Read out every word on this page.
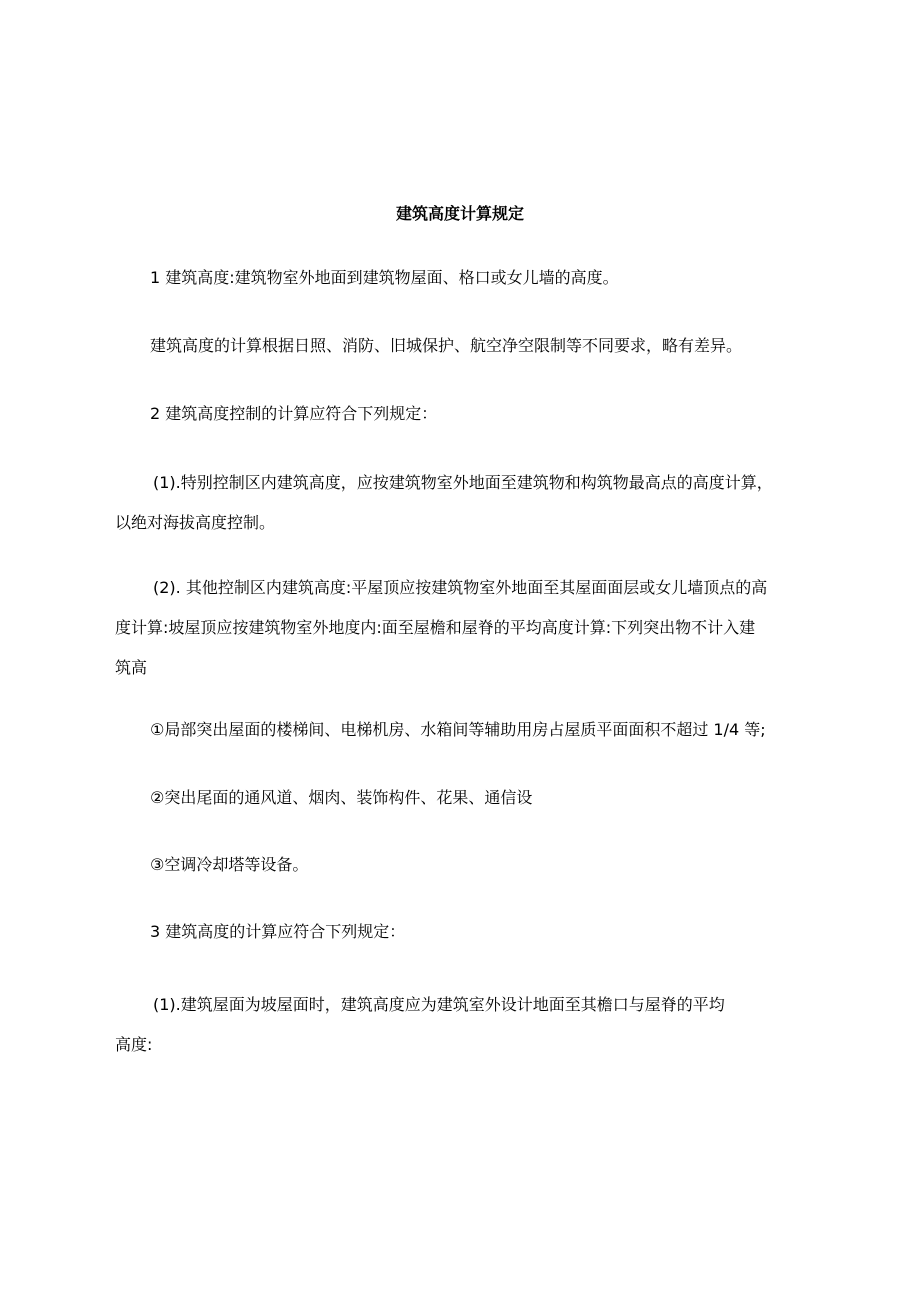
建筑高度计算规定
1 建筑高度:建筑物室外地面到建筑物屋面、格口或女儿墙的高度。
建筑高度的计算根据日照、消防、旧城保护、航空净空限制等不同要求，略有差异。
2 建筑高度控制的计算应符合下列规定：
(1).特别控制区内建筑高度，应按建筑物室外地面至建筑物和构筑物最高点的高度计算，
以绝对海拔高度控制。
(2). 其他控制区内建筑高度:平屋顶应按建筑物室外地面至其屋面面层或女儿墙顶点的高
度计算:坡屋顶应按建筑物室外地度内:面至屋檐和屋脊的平均高度计算:下列突出物不计入建
筑高
①局部突出屋面的楼梯间、电梯机房、水箱间等辅助用房占屋质平面面积不超过 1/4 等;
②突出尾面的通风道、烟肉、装饰构件、花果、通信设
③空调冷却塔等设备。
3 建筑高度的计算应符合下列规定：
(1).建筑屋面为坡屋面时，建筑高度应为建筑室外设计地面至其檐口与屋脊的平均
高度:
